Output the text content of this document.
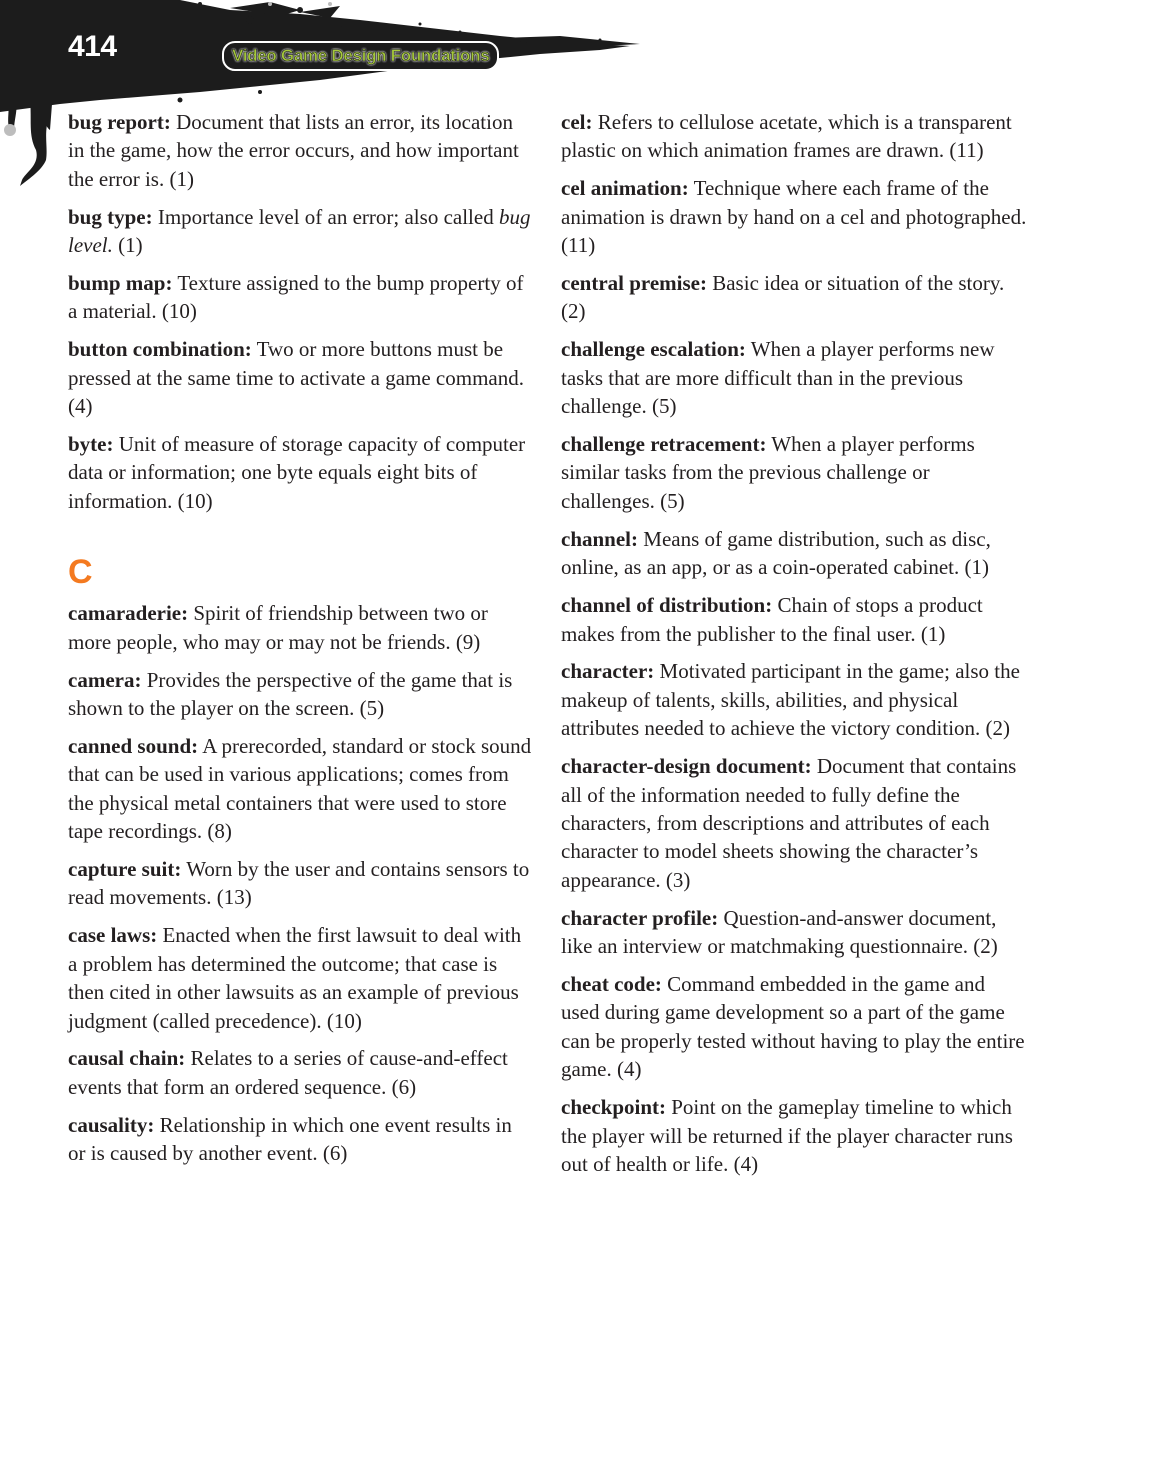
414	Video Game Design Foundations

bug report: Document that lists an error, its location in the game, how the error occurs, and how important the error is. (1)

bug type: Importance level of an error; also called bug level. (1)

bump map: Texture assigned to the bump property of a material. (10)

button combination: Two or more buttons must be pressed at the same time to activate a game command. (4)

byte: Unit of measure of storage capacity of computer data or information; one byte equals eight bits of information. (10)

C

camaraderie: Spirit of friendship between two or more people, who may or may not be friends. (9)

camera: Provides the perspective of the game that is shown to the player on the screen. (5)

canned sound: A prerecorded, standard or stock sound that can be used in various applications; comes from the physical metal containers that were used to store tape recordings. (8)

capture suit: Worn by the user and contains sensors to read movements. (13)

case laws: Enacted when the first lawsuit to deal with a problem has determined the outcome; that case is then cited in other lawsuits as an example of previous judgment (called precedence). (10)

causal chain: Relates to a series of cause-and-effect events that form an ordered sequence. (6)

causality: Relationship in which one event results in or is caused by another event. (6)

cel: Refers to cellulose acetate, which is a transparent plastic on which animation frames are drawn. (11)

cel animation: Technique where each frame of the animation is drawn by hand on a cel and photographed. (11)

central premise: Basic idea or situation of the story. (2)

challenge escalation: When a player performs new tasks that are more difficult than in the previous challenge. (5)

challenge retracement: When a player performs similar tasks from the previous challenge or challenges. (5)

channel: Means of game distribution, such as disc, online, as an app, or as a coin-operated cabinet. (1)

channel of distribution: Chain of stops a product makes from the publisher to the final user. (1)

character: Motivated participant in the game; also the makeup of talents, skills, abilities, and physical attributes needed to achieve the victory condition. (2)

character-design document: Document that contains all of the information needed to fully define the characters, from descriptions and attributes of each character to model sheets showing the character’s appearance. (3)

character profile: Question-and-answer document, like an interview or matchmaking questionnaire. (2)

cheat code: Command embedded in the game and used during game development so a part of the game can be properly tested without having to play the entire game. (4)

checkpoint: Point on the gameplay timeline to which the player will be returned if the player character runs out of health or life. (4)
